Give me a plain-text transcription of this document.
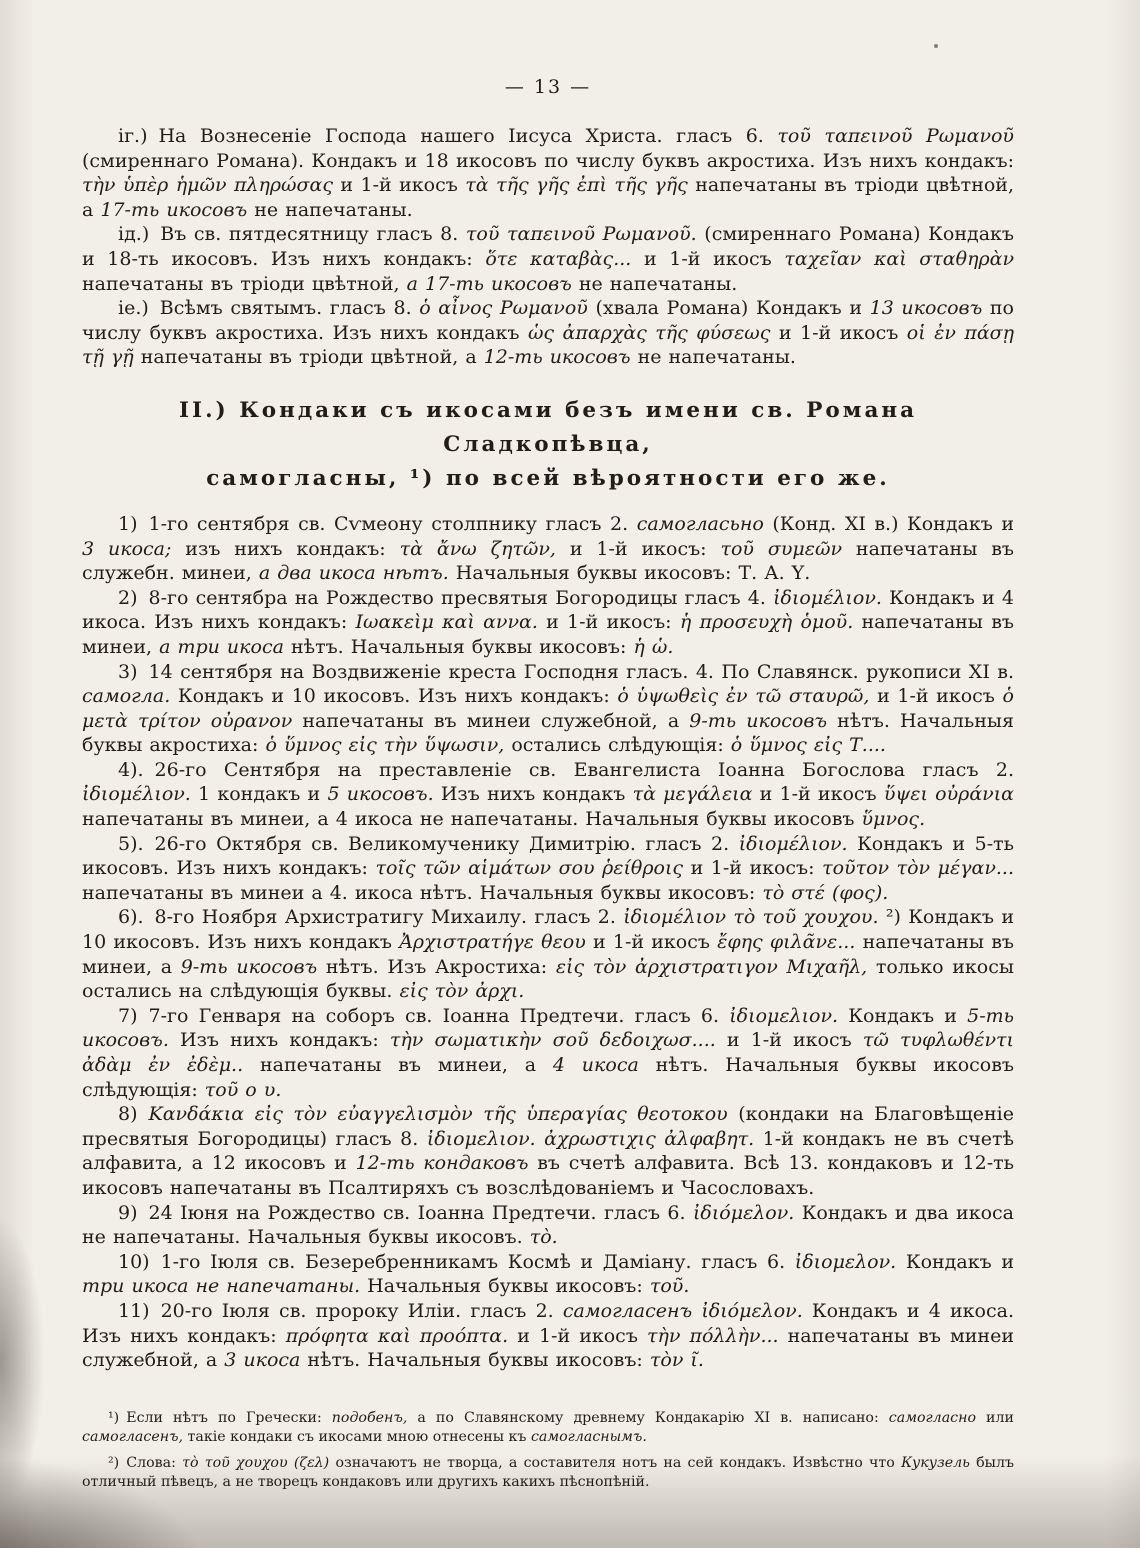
— 13 —

іг.) На Вознесеніе Господа нашего Іисуса Христа. гласъ 6. τοῦ ταπεινοῦ Ρωμανοῦ (смиреннаго Романа). Кондакъ и 18 икосовъ по числу буквъ акростиха. Изъ нихъ кондакъ: τὴν ὑπὲρ ἡμῶν πληρώσας и 1-й икосъ τὰ τῆς γῆς ἐπὶ τῆς γῆς напечатаны въ тріоди цвѣтной, а 17-ть икосовъ не напечатаны.

ід.) Въ св. пятдесятницу гласъ 8. τοῦ ταπεινοῦ Ρωμανοῦ. (смиреннаго Романа) Кондакъ и 18-ть икосовъ. Изъ нихъ кондакъ: ὅτε καταβὰς... и 1-й икосъ ταχεῖαν καὶ σταθηρὰν напечатаны въ тріоди цвѣтной, а 17-ть икосовъ не напечатаны.

іе.) Всѣмъ святымъ. гласъ 8. ὁ αἶνος Ρωμανοῦ (хвала Романа) Кондакъ и 13 икосовъ по числу буквъ акростиха. Изъ нихъ кондакъ ὡς ἀπαρχὰς τῆς φύσεως и 1-й икосъ οἱ ἐν πάσῃ τῇ γῇ напечатаны въ тріоди цвѣтной, а 12-ть икосовъ не напечатаны.

II.) Кондаки съ икосами безъ имени св. Романа Сладкопѣвца,
самогласны, ¹) по всей вѣроятности его же.

1) 1-го сентября св. Сѵмеону столпнику гласъ 2. самогласьно (Конд. XI в.) Кондакъ и 3 икоса; изъ нихъ кондакъ: τὰ ἄνω ζητῶν, и 1-й икосъ: τοῦ συμεῶν напечатаны въ служебн. минеи, а два икоса нѣтъ. Начальныя буквы икосовъ: Т. А. Υ.

2) 8-го сентябра на Рождество пресвятыя Богородицы гласъ 4. ἰδιομέλιον. Кондакъ и 4 икоса. Изъ нихъ кондакъ: Ιωακεὶμ καὶ αννα. и 1-й икосъ: ἡ προσευχὴ ὁμοῦ. напечатаны въ минеи, а три икоса нѣтъ. Начальныя буквы икосовъ: ἡ ὡ.

3) 14 сентября на Воздвиженіе креста Господня гласъ. 4. По Славянск. рукописи XI в. самогла. Кондакъ и 10 икосовъ. Изъ нихъ кондакъ: ὁ ὑψωθεὶς ἐν τῶ σταυρῶ, и 1-й икосъ ὁ μετὰ τρίτον οὐρανον напечатаны въ минеи служебной, а 9-ть икосовъ нѣтъ. Начальныя буквы акростиха: ὁ ὕμνος εἰς τὴν ὕψωσιν, остались слѣдующія: ὁ ὕμνος εἰς Т....

4). 26-го Сентября на преставленіе св. Евангелиста Іоанна Богослова гласъ 2. ἰδιομέλιον. 1 кондакъ и 5 икосовъ. Изъ нихъ кондакъ τὰ μεγάλεια и 1-й икосъ ὕψει οὐράνια напечатаны въ минеи, а 4 икоса не напечатаны. Начальныя буквы икосовъ ὕμνος.

5). 26-го Октября св. Великомученику Димитрію. гласъ 2. ἰδιομέλιον. Кондакъ и 5-ть икосовъ. Изъ нихъ кондакъ: τοῖς τῶν αἱμάτων σου ῥείθροις и 1-й икосъ: τοῦτον τὸν μέγαν... напечатаны въ минеи а 4. икоса нѣтъ. Начальныя буквы икосовъ: τὸ στέ (φος).

6). 8-го Ноября Архистратигу Михаилу. гласъ 2. ἰδιομέλιον τὸ τοῦ χουχου. ²) Кондакъ и 10 икосовъ. Изъ нихъ кондакъ Ἀρχιστρατήγε θεου и 1-й икосъ ἔφης φιλᾶνε... напечатаны въ минеи, а 9-ть икосовъ нѣтъ. Изъ Акростиха: εἰς τὸν ἀρχιστρατιγον Μιχαῆλ, только икосы остались на слѣдующія буквы. εἰς τὸν ἀρχι.

7) 7-го Генваря на соборъ св. Іоанна Предтечи. гласъ 6. ἰδιομελιον. Кондакъ и 5-ть икосовъ. Изъ нихъ кондакъ: τὴν σωματικὴν σοῦ δεδοιχωσ.... и 1-й икосъ τῶ τυφλωθέντι ἀδὰμ ἐν ἐδὲμ.. напечатаны въ минеи, а 4 икоса нѣтъ. Начальныя буквы икосовъ слѣдующія: τοῦ ο υ.

8) Κανδάκια εἰς τὸν εὐαγγελισμὸν τῆς ὑπεραγίας θεοτοκου (кондаки на Благовѣщеніе пресвятыя Богородицы) гласъ 8. ἰδιομελιον. ἀχρωστιχις ἀλφαβητ. 1-й кондакъ не въ счетѣ алфавита, а 12 икосовъ и 12-ть кондаковъ въ счетѣ алфавита. Всѣ 13. кондаковъ и 12-ть икосовъ напечатаны въ Псалтиряхъ съ возслѣдованіемъ и Часословахъ.

9) 24 Іюня на Рождество св. Іоанна Предтечи. гласъ 6. ἰδιόμελον. Кондакъ и два икоса не напечатаны. Начальныя буквы икосовъ. τὸ.

10) 1-го Іюля св. Безеребренникамъ Космѣ и Даміану. гласъ 6. ἰδιομελον. Кондакъ и три икоса не напечатаны. Начальныя буквы икосовъ: τοῦ.

11) 20-го Іюля св. пророку Иліи. гласъ 2. самогласенъ ἰδιόμελον. Кондакъ и 4 икоса. Изъ нихъ кондакъ: πρόφητα καὶ προόπτα. и 1-й икосъ τὴν πόλλὴν... напечатаны въ минеи служебной, а 3 икоса нѣтъ. Начальныя буквы икосовъ: τὸν ῖ.

¹) Если нѣтъ по Гречески: подобенъ, а по Славянскому древнему Кондакарію XI в. написано: самогласно или самогласенъ, такіе кондаки съ икосами мною отнесены къ самогласнымъ.

²) Слова: τὸ τοῦ χουχου (ζελ) означаютъ не творца, а составителя нотъ на сей кондакъ. Извѣстно что Кукузель былъ отличный пѣвецъ, а не творецъ кондаковъ или другихъ какихъ пѣснопѣній.
